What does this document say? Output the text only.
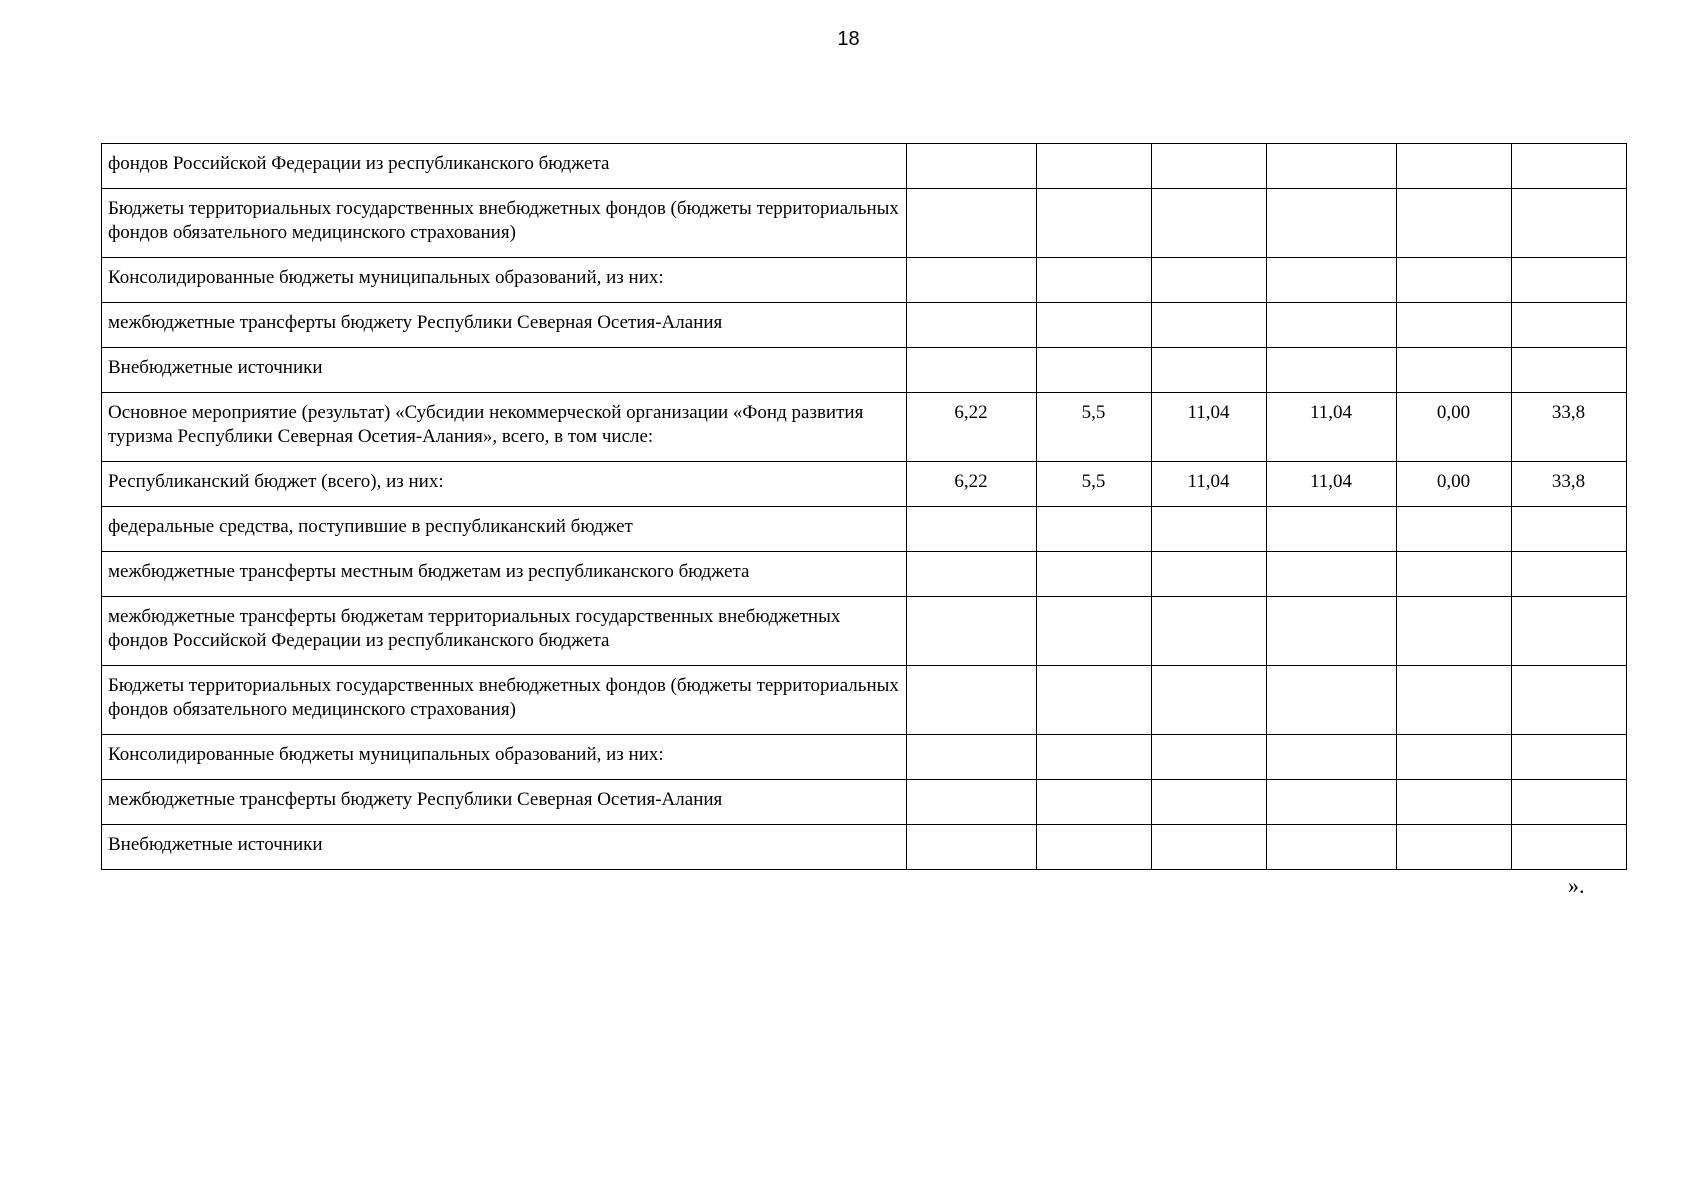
18
фондов Российской Федерации из республиканского бюджета						
Бюджеты территориальных государственных внебюджетных фондов (бюджеты территориальных фондов обязательного медицинского страхования)						
Консолидированные бюджеты муниципальных образований, из них:						
межбюджетные трансферты бюджету Республики Северная Осетия-Алания						
Внебюджетные источники						
Основное мероприятие (результат) «Субсидии некоммерческой организации «Фонд развития туризма Республики Северная Осетия-Алания», всего, в том числе:	6,22	5,5	11,04	11,04	0,00	33,8
Республиканский бюджет (всего), из них:	6,22	5,5	11,04	11,04	0,00	33,8
федеральные средства, поступившие в республиканский бюджет						
межбюджетные трансферты местным бюджетам из республиканского бюджета						
межбюджетные трансферты бюджетам территориальных государственных внебюджетных фондов Российской Федерации из республиканского бюджета						
Бюджеты территориальных государственных внебюджетных фондов (бюджеты территориальных фондов обязательного медицинского страхования)						
Консолидированные бюджеты муниципальных образований, из них:						
межбюджетные трансферты бюджету Республики Северная Осетия-Алания						
Внебюджетные источники						
».
